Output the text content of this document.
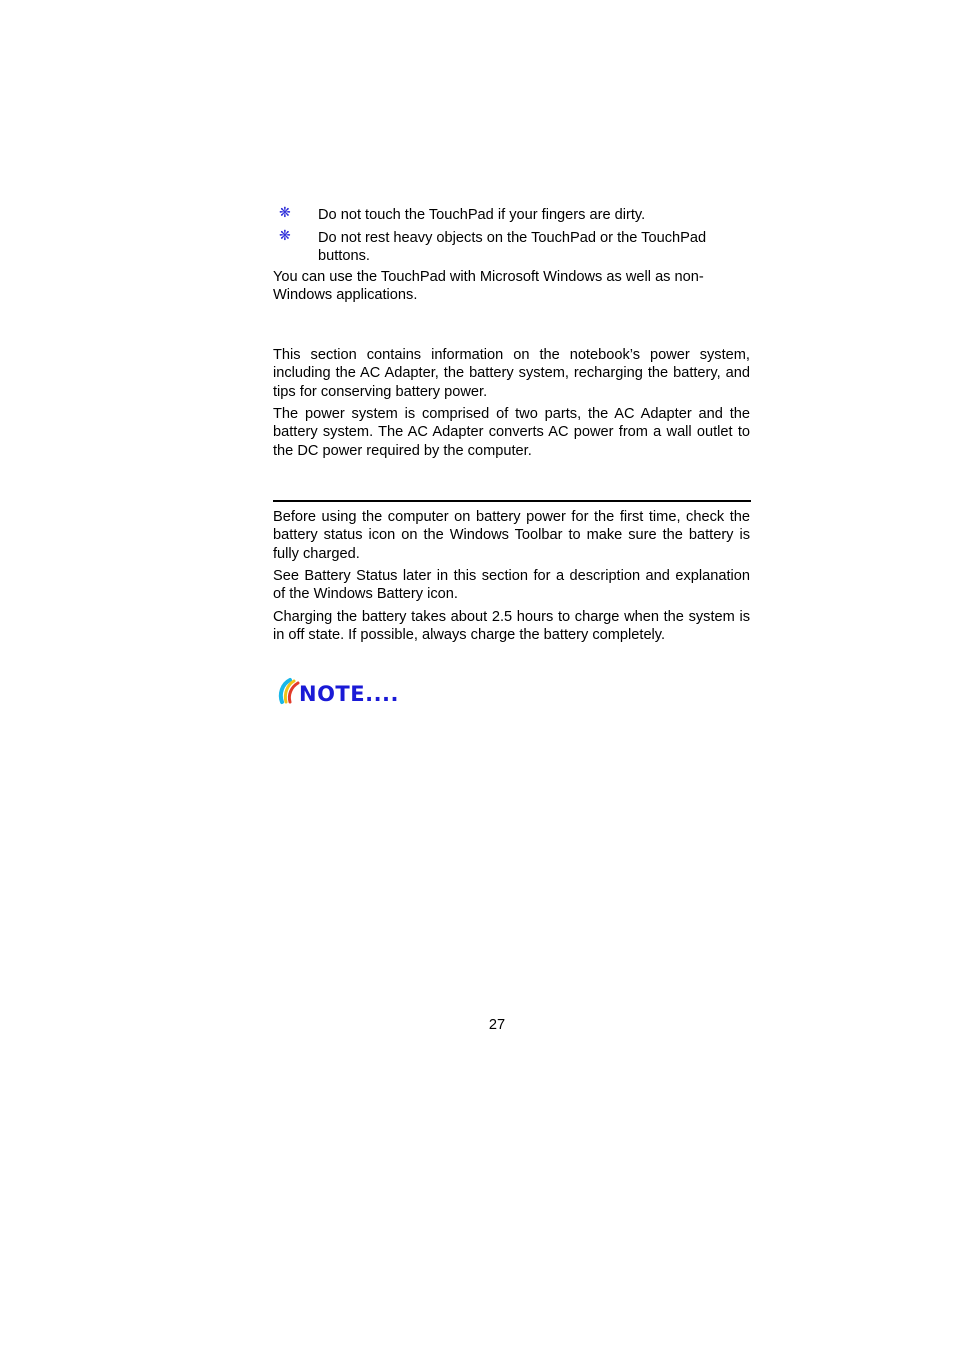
❋ Do not touch the TouchPad if your fingers are dirty.
❋ Do not rest heavy objects on the TouchPad or the TouchPad buttons.
You can use the TouchPad with Microsoft Windows as well as non-Windows applications.
This section contains information on the notebook’s power system, including the AC Adapter, the battery system, recharging the battery, and tips for conserving battery power.
The power system is comprised of two parts, the AC Adapter and the battery system. The AC Adapter converts AC power from a wall outlet to the DC power required by the computer.
Before using the computer on battery power for the first time, check the battery status icon on the Windows Toolbar to make sure the battery is fully charged.
See Battery Status later in this section for a description and explanation of the Windows Battery icon.
Charging the battery takes about 2.5 hours to charge when the system is in off state. If possible, always charge the battery completely.
NOTE....
27
